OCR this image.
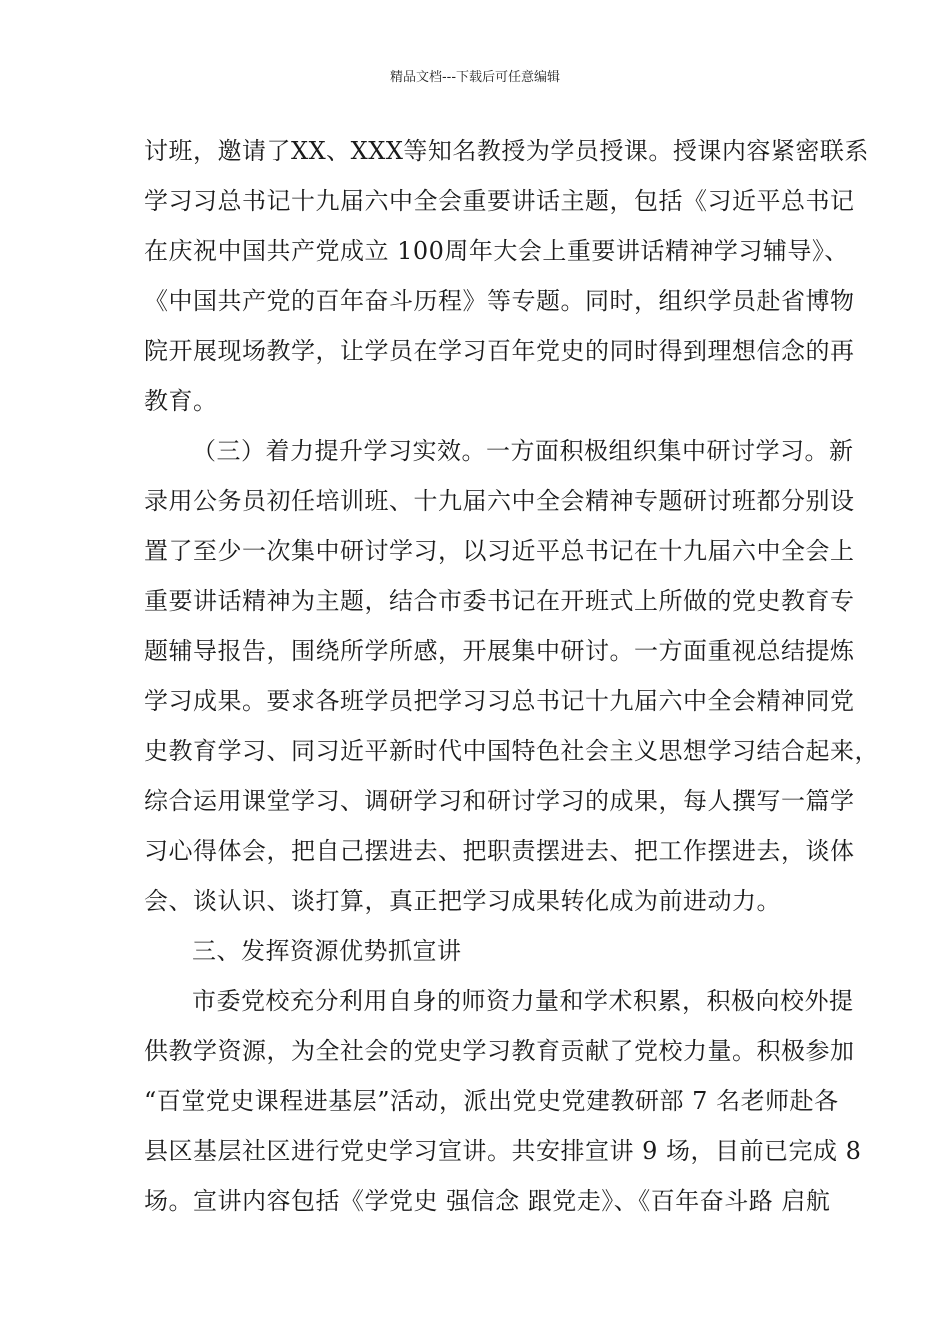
精品文档---下载后可任意编辑
讨班，邀请了XX、XXX等知名教授为学员授课。授课内容紧密联系
学习习总书记十九届六中全会重要讲话主题，包括《习近平总书记
在庆祝中国共产党成立 100周年大会上重要讲话精神学习辅导》、
《中国共产党的百年奋斗历程》等专题。同时，组织学员赴省博物
院开展现场教学，让学员在学习百年党史的同时得到理想信念的再
教育。
（三）着力提升学习实效。一方面积极组织集中研讨学习。新
录用公务员初任培训班、十九届六中全会精神专题研讨班都分别设
置了至少一次集中研讨学习，以习近平总书记在十九届六中全会上
重要讲话精神为主题，结合市委书记在开班式上所做的党史教育专
题辅导报告，围绕所学所感，开展集中研讨。一方面重视总结提炼
学习成果。要求各班学员把学习习总书记十九届六中全会精神同党
史教育学习、同习近平新时代中国特色社会主义思想学习结合起来，
综合运用课堂学习、调研学习和研讨学习的成果，每人撰写一篇学
习心得体会，把自己摆进去、把职责摆进去、把工作摆进去，谈体
会、谈认识、谈打算，真正把学习成果转化成为前进动力。
三、发挥资源优势抓宣讲
市委党校充分利用自身的师资力量和学术积累，积极向校外提
供教学资源，为全社会的党史学习教育贡献了党校力量。积极参加
“百堂党史课程进基层”活动，派出党史党建教研部 7 名老师赴各
县区基层社区进行党史学习宣讲。共安排宣讲 9 场，目前已完成 8
场。宣讲内容包括《学党史 强信念 跟党走》、《百年奋斗路 启航
